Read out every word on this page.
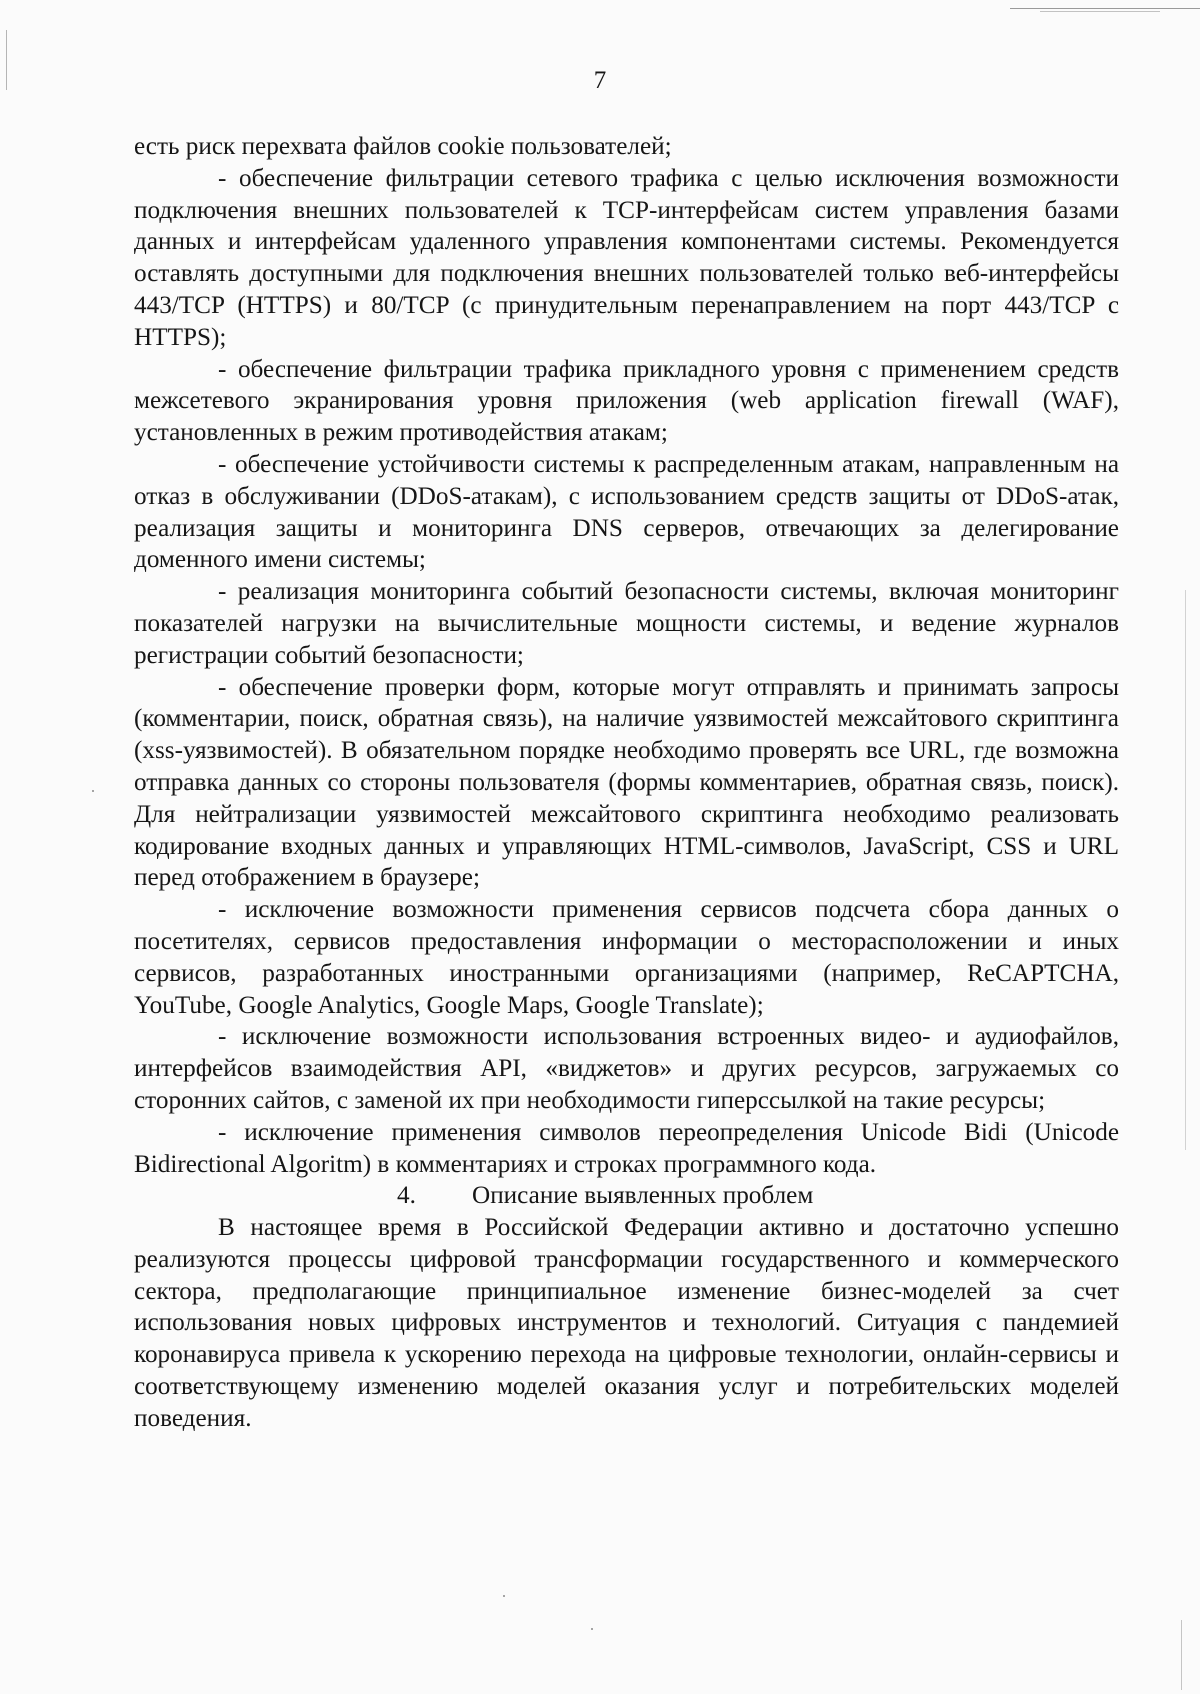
7

есть риск перехвата файлов cookie пользователей;

- обеспечение фильтрации сетевого трафика с целью исключения возможности подключения внешних пользователей к TCP-интерфейсам систем управления базами данных и интерфейсам удаленного управления компонентами системы. Рекомендуется оставлять доступными для подключения внешних пользователей только веб-интерфейсы 443/TCP (HTTPS) и 80/TCP (с принудительным перенаправлением на порт 443/TCP с HTTPS);

- обеспечение фильтрации трафика прикладного уровня с применением средств межсетевого экранирования уровня приложения (web application firewall (WAF), установленных в режим противодействия атакам;

- обеспечение устойчивости системы к распределенным атакам, направленным на отказ в обслуживании (DDoS-атакам), с использованием средств защиты от DDoS-атак, реализация защиты и мониторинга DNS серверов, отвечающих за делегирование доменного имени системы;

- реализация мониторинга событий безопасности системы, включая мониторинг показателей нагрузки на вычислительные мощности системы, и ведение журналов регистрации событий безопасности;

- обеспечение проверки форм, которые могут отправлять и принимать запросы (комментарии, поиск, обратная связь), на наличие уязвимостей межсайтового скриптинга (xss-уязвимостей). В обязательном порядке необходимо проверять все URL, где возможна отправка данных со стороны пользователя (формы комментариев, обратная связь, поиск). Для нейтрализации уязвимостей межсайтового скриптинга необходимо реализовать кодирование входных данных и управляющих HTML-символов, JavaScript, CSS и URL перед отображением в браузере;

- исключение возможности применения сервисов подсчета сбора данных о посетителях, сервисов предоставления информации о месторасположении и иных сервисов, разработанных иностранными организациями (например, ReCAPTCHA, YouTube, Google Analytics, Google Maps, Google Translate);

- исключение возможности использования встроенных видео- и аудиофайлов, интерфейсов взаимодействия API, «виджетов» и других ресурсов, загружаемых со сторонних сайтов, с заменой их при необходимости гиперссылкой на такие ресурсы;

- исключение применения символов переопределения Unicode Bidi (Unicode Bidirectional Algoritm) в комментариях и строках программного кода.

4. Описание выявленных проблем

В настоящее время в Российской Федерации активно и достаточно успешно реализуются процессы цифровой трансформации государственного и коммерческого сектора, предполагающие принципиальное изменение бизнес-моделей за счет использования новых цифровых инструментов и технологий. Ситуация с пандемией коронавируса привела к ускорению перехода на цифровые технологии, онлайн-сервисы и соответствующему изменению моделей оказания услуг и потребительских моделей поведения.
